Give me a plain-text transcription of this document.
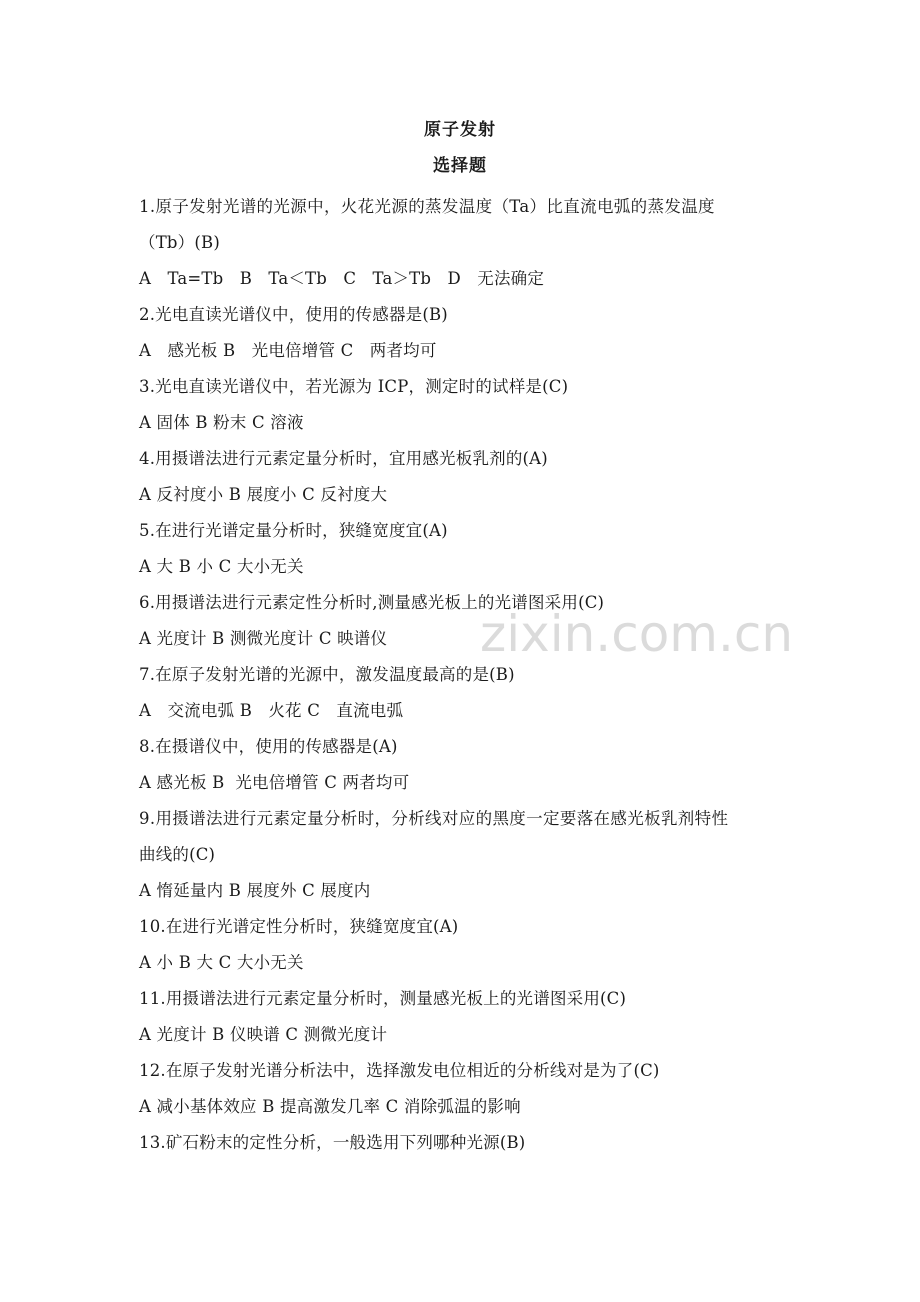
原子发射
选择题
1.原子发射光谱的光源中，火花光源的蒸发温度（Ta）比直流电弧的蒸发温度
（Tb）(B)
A   Ta=Tb   B   Ta＜Tb   C   Ta＞Tb   D   无法确定
2.光电直读光谱仪中，使用的传感器是(B)
A   感光板 B   光电倍增管 C   两者均可
3.光电直读光谱仪中，若光源为 ICP，测定时的试样是(C)
A 固体 B 粉末 C 溶液
4.用摄谱法进行元素定量分析时，宜用感光板乳剂的(A)
A 反衬度小 B 展度小 C 反衬度大
5.在进行光谱定量分析时，狭缝宽度宜(A)
A 大 B 小 C 大小无关
6.用摄谱法进行元素定性分析时,测量感光板上的光谱图采用(C)
A 光度计 B 测微光度计 C 映谱仪
7.在原子发射光谱的光源中，激发温度最高的是(B)
A   交流电弧 B   火花 C   直流电弧
8.在摄谱仪中，使用的传感器是(A)
A 感光板 B  光电倍增管 C 两者均可
9.用摄谱法进行元素定量分析时，分析线对应的黑度一定要落在感光板乳剂特性
曲线的(C)
A 惰延量内 B 展度外 C 展度内
10.在进行光谱定性分析时，狭缝宽度宜(A)
A 小 B 大 C 大小无关
11.用摄谱法进行元素定量分析时，测量感光板上的光谱图采用(C)
A 光度计 B 仪映谱 C 测微光度计
12.在原子发射光谱分析法中，选择激发电位相近的分析线对是为了(C)
A 减小基体效应 B 提高激发几率 C 消除弧温的影响
13.矿石粉末的定性分析，一般选用下列哪种光源(B)
zixin.com.cn
